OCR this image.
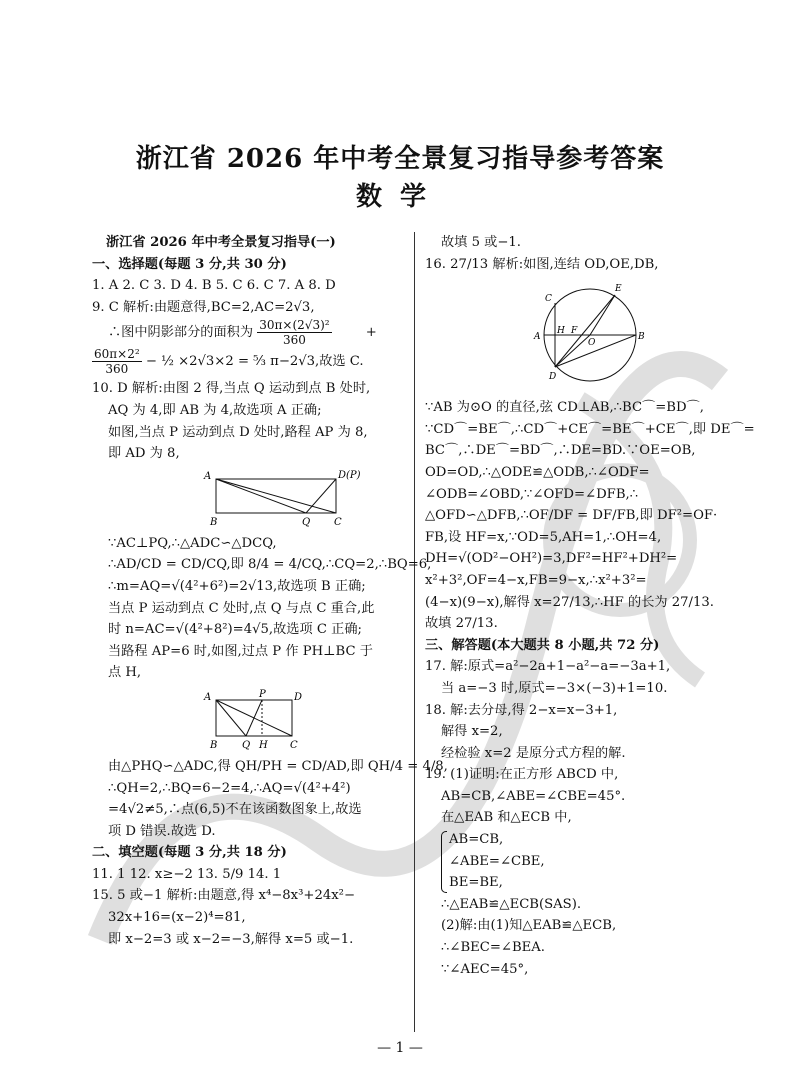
浙江省 2026 年中考全景复习指导参考答案
数学
浙江省 2026 年中考全景复习指导(一)
一、选择题(每题 3 分,共 30 分)
1. A 2. C 3. D 4. B 5. C 6. C 7. A 8. D
9. C 解析:由题意得,BC=2,AC=2√3,
∴图中阴影部分的面积为 $\frac{\text{30π×(2√3)²}}{360}$	+
$\frac{\text{60π×2²}}{360}$ − ½ ×2√3×2 = ⁵⁄₃ π−2√3,故选 C.
10. D 解析:由图 2 得,当点 Q 运动到点 B 处时,
AQ 为 4,即 AB 为 4,故选项 A 正确;
如图,当点 P 运动到点 D 处时,路程 AP 为 8,
即 AD 为 8,
A	D(P)
B	Q C
∵AC⊥PQ,∴△ADC∽△DCQ,
∴AD/CD = CD/CQ,即 8/4 = 4/CQ,∴CQ=2,∴BQ=6,
∴m=AQ=√(4²+6²)=2√13,故选项 B 正确;
当点 P 运动到点 C 处时,点 Q 与点 C 重合,此
时 n=AC=√(4²+8²)=4√5,故选项 C 正确;
当路程 AP=6 时,如图,过点 P 作 PH⊥BC 于
点 H,
A	D
P
B Q H C
由△PHQ∽△ADC,得 QH/PH = CD/AD,即 QH/4 = 4/8,
∴QH=2,∴BQ=6−2=4,∴AQ=√(4²+4²)
=4√2≠5,∴点(6,5)不在该函数图象上,故选
项 D 错误.故选 D.
二、填空题(每题 3 分,共 18 分)
11. 1 12. x≥−2 13. 5/9 14. 1
15. 5 或−1 解析:由题意,得 x⁴−8x³+24x²−
32x+16=(x−2)⁴=81,
即 x−2=3 或 x−2=−3,解得 x=5 或−1.
故填 5 或−1.
16. 27/13 解析:如图,连结 OD,OE,DB,
C
E
A
H F
O
B
D
∵AB 为⊙O 的直径,弦 CD⊥AB,∴BC⌒=BD⌒,
∵CD⌒=BE⌒,∴CD⌒+CE⌒=BE⌒+CE⌒,即 DE⌒=
BC⌒,∴DE⌒=BD⌒,∴DE=BD.∵OE=OB,
OD=OD,∴△ODE≌△ODB,∴∠ODF=
∠ODB=∠OBD,∵∠OFD=∠DFB,∴
△OFD∽△DFB,∴OF/DF = DF/FB,即 DF²=OF·
FB,设 HF=x,∵OD=5,AH=1,∴OH=4,
DH=√(OD²−OH²)=3,DF²=HF²+DH²=
x²+3²,OF=4−x,FB=9−x,∴x²+3²=
(4−x)(9−x),解得 x=27/13,∴HF 的长为 27/13.
故填 27/13.
三、解答题(本大题共 8 小题,共 72 分)
17. 解:原式=a²−2a+1−a²−a=−3a+1,
当 a=−3 时,原式=−3×(−3)+1=10.
18. 解:去分母,得 2−x=x−3+1,
解得 x=2,
经检验 x=2 是原分式方程的解.
19. (1)证明:在正方形 ABCD 中,
AB=CB,∠ABE=∠CBE=45°.
在△EAB 和△ECB 中,
AB=CB,
∠ABE=∠CBE,
BE=BE,
∴△EAB≌△ECB(SAS).
(2)解:由(1)知△EAB≌△ECB,
∴∠BEC=∠BEA.
∵∠AEC=45°,
— 1 —
